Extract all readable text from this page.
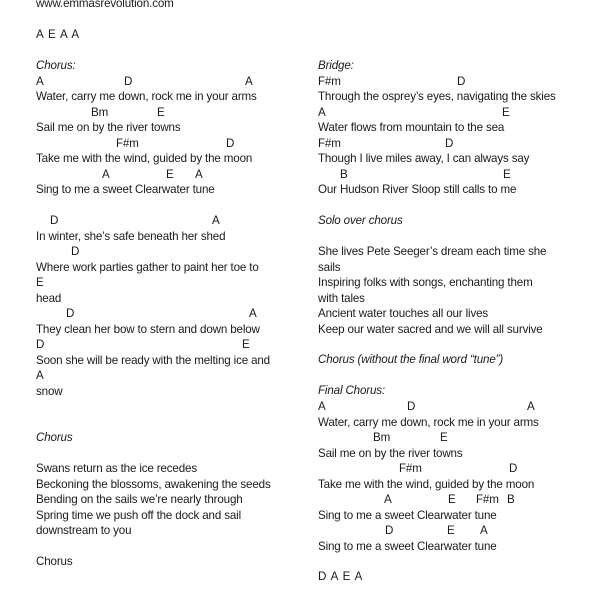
www.emmasrevolution.com
A E A A
Chorus:
A	D	A
Water, carry me down, rock me in your arms
Bm	E
Sail me on by the river towns
F#m	D
Take me with the wind, guided by the moon
A	E A
Sing to me a sweet Clearwater tune
D	A
In winter, she’s safe beneath her shed
D
Where work parties gather to paint her toe to
E
head
D	A
They clean her bow to stern and down below
D	E
Soon she will be ready with the melting ice and
A
snow
Chorus
Swans return as the ice recedes
Beckoning the blossoms, awakening the seeds
Bending on the sails we’re nearly through
Spring time we push off the dock and sail
downstream to you
Chorus
Bridge:
F#m	D
Through the osprey’s eyes, navigating the skies
A	E
Water flows from mountain to the sea
F#m	D
Though I live miles away, I can always say
B	E
Our Hudson River Sloop still calls to me
Solo over chorus
She lives Pete Seeger’s dream each time she
sails
Inspiring folks with songs, enchanting them
with tales
Ancient water touches all our lives
Keep our water sacred and we will all survive
Chorus (without the final word “tune”)
Final Chorus:
A	D	A
Water, carry me down, rock me in your arms
Bm	E
Sail me on by the river towns
F#m	D
Take me with the wind, guided by the moon
A	E F#m B
Sing to me a sweet Clearwater tune
D	E A
Sing to me a sweet Clearwater tune
D A E A
